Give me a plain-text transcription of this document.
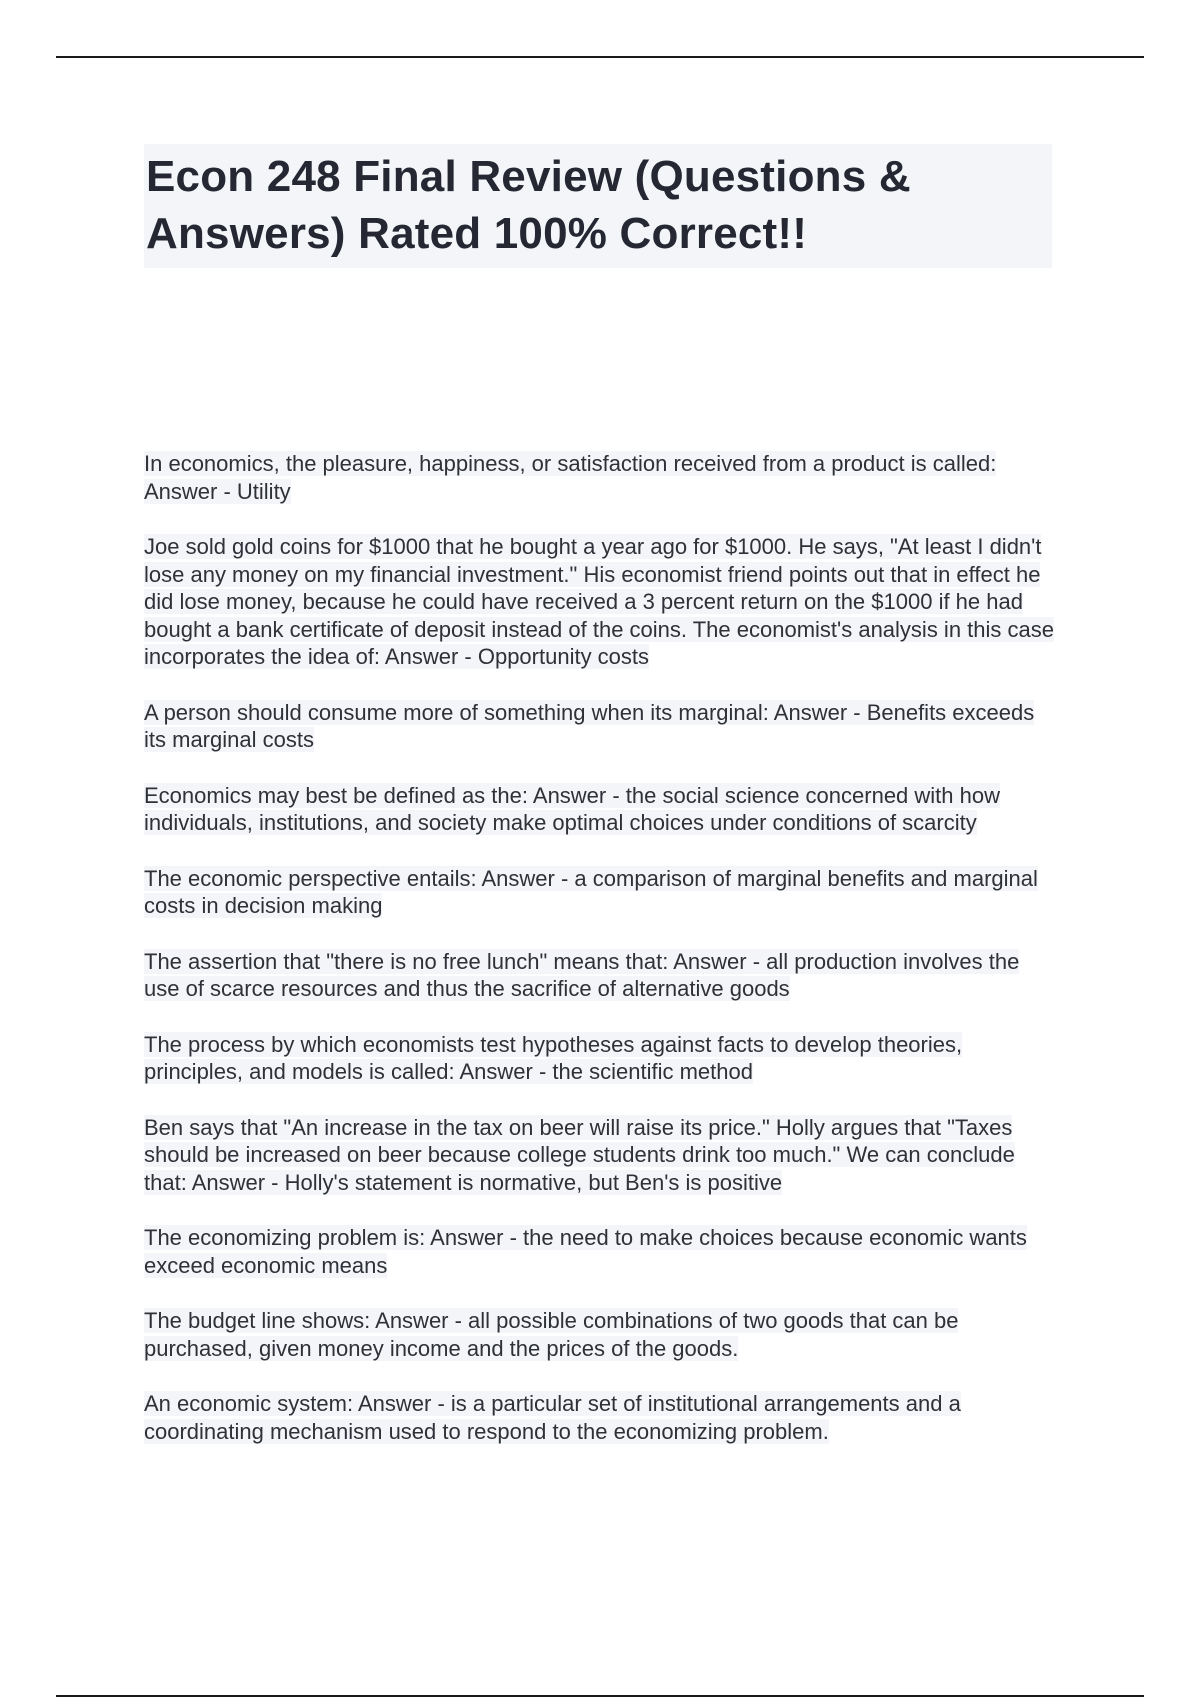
Econ 248 Final Review (Questions & Answers) Rated 100% Correct!!

In economics, the pleasure, happiness, or satisfaction received from a product is called: Answer - Utility

Joe sold gold coins for $1000 that he bought a year ago for $1000. He says, "At least I didn't lose any money on my financial investment." His economist friend points out that in effect he did lose money, because he could have received a 3 percent return on the $1000 if he had bought a bank certificate of deposit instead of the coins. The economist's analysis in this case incorporates the idea of: Answer - Opportunity costs

A person should consume more of something when its marginal: Answer - Benefits exceeds its marginal costs

Economics may best be defined as the: Answer - the social science concerned with how individuals, institutions, and society make optimal choices under conditions of scarcity

The economic perspective entails: Answer - a comparison of marginal benefits and marginal costs in decision making

The assertion that "there is no free lunch" means that: Answer - all production involves the use of scarce resources and thus the sacrifice of alternative goods

The process by which economists test hypotheses against facts to develop theories, principles, and models is called: Answer - the scientific method

Ben says that "An increase in the tax on beer will raise its price." Holly argues that "Taxes should be increased on beer because college students drink too much." We can conclude that: Answer - Holly's statement is normative, but Ben's is positive

The economizing problem is: Answer - the need to make choices because economic wants exceed economic means

The budget line shows: Answer - all possible combinations of two goods that can be purchased, given money income and the prices of the goods.

An economic system: Answer - is a particular set of institutional arrangements and a coordinating mechanism used to respond to the economizing problem.
